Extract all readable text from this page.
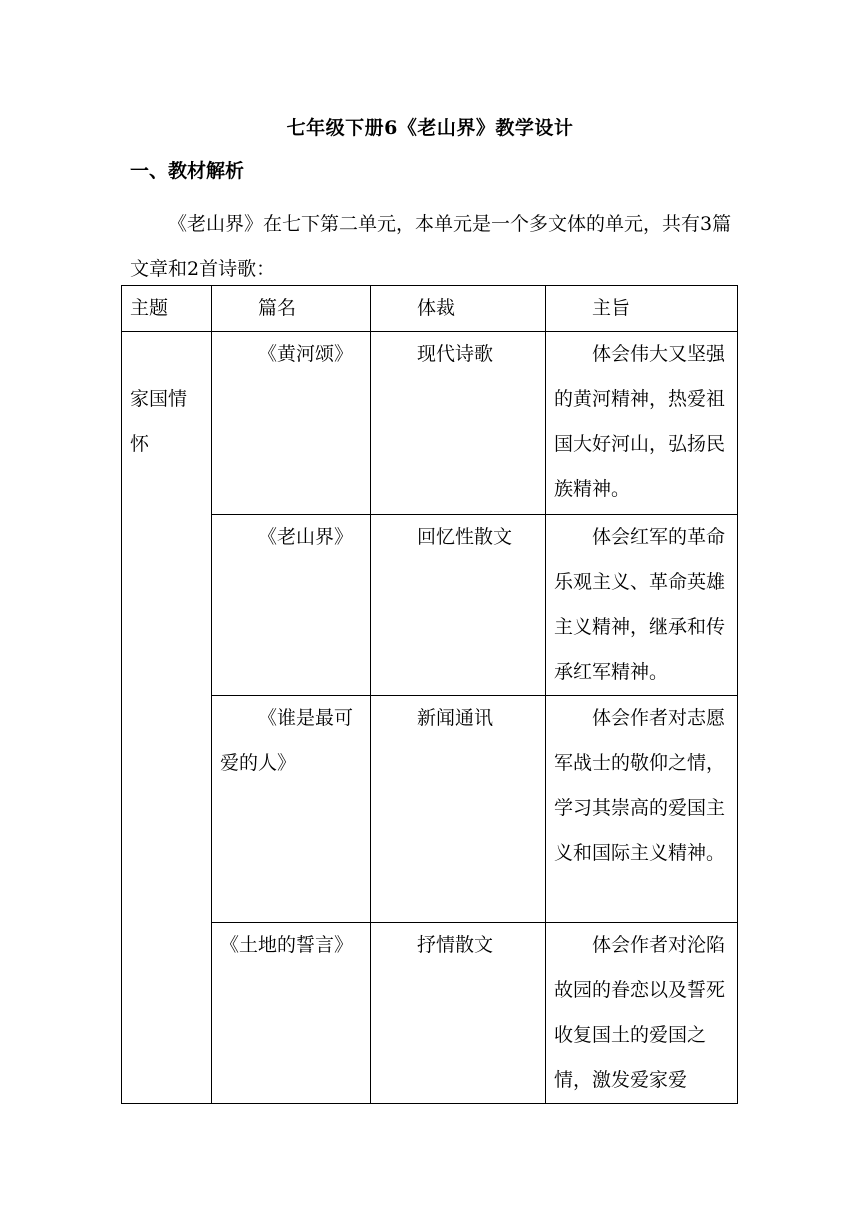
七年级下册6《老山界》教学设计
一、教材解析

《老山界》在七下第二单元，本单元是一个多文体的单元，共有3篇文章和2首诗歌：

主题	篇名	体裁	主旨
家国情怀	《黄河颂》	现代诗歌	体会伟大又坚强的黄河精神，热爱祖国大好河山，弘扬民族精神。
	《老山界》	回忆性散文	体会红军的革命乐观主义、革命英雄主义精神，继承和传承红军精神。
	《谁是最可爱的人》	新闻通讯	体会作者对志愿军战士的敬仰之情，学习其崇高的爱国主义和国际主义精神。
	《土地的誓言》	抒情散文	体会作者对沦陷故园的眷恋以及誓死收复国土的爱国之情，激发爱家爱
